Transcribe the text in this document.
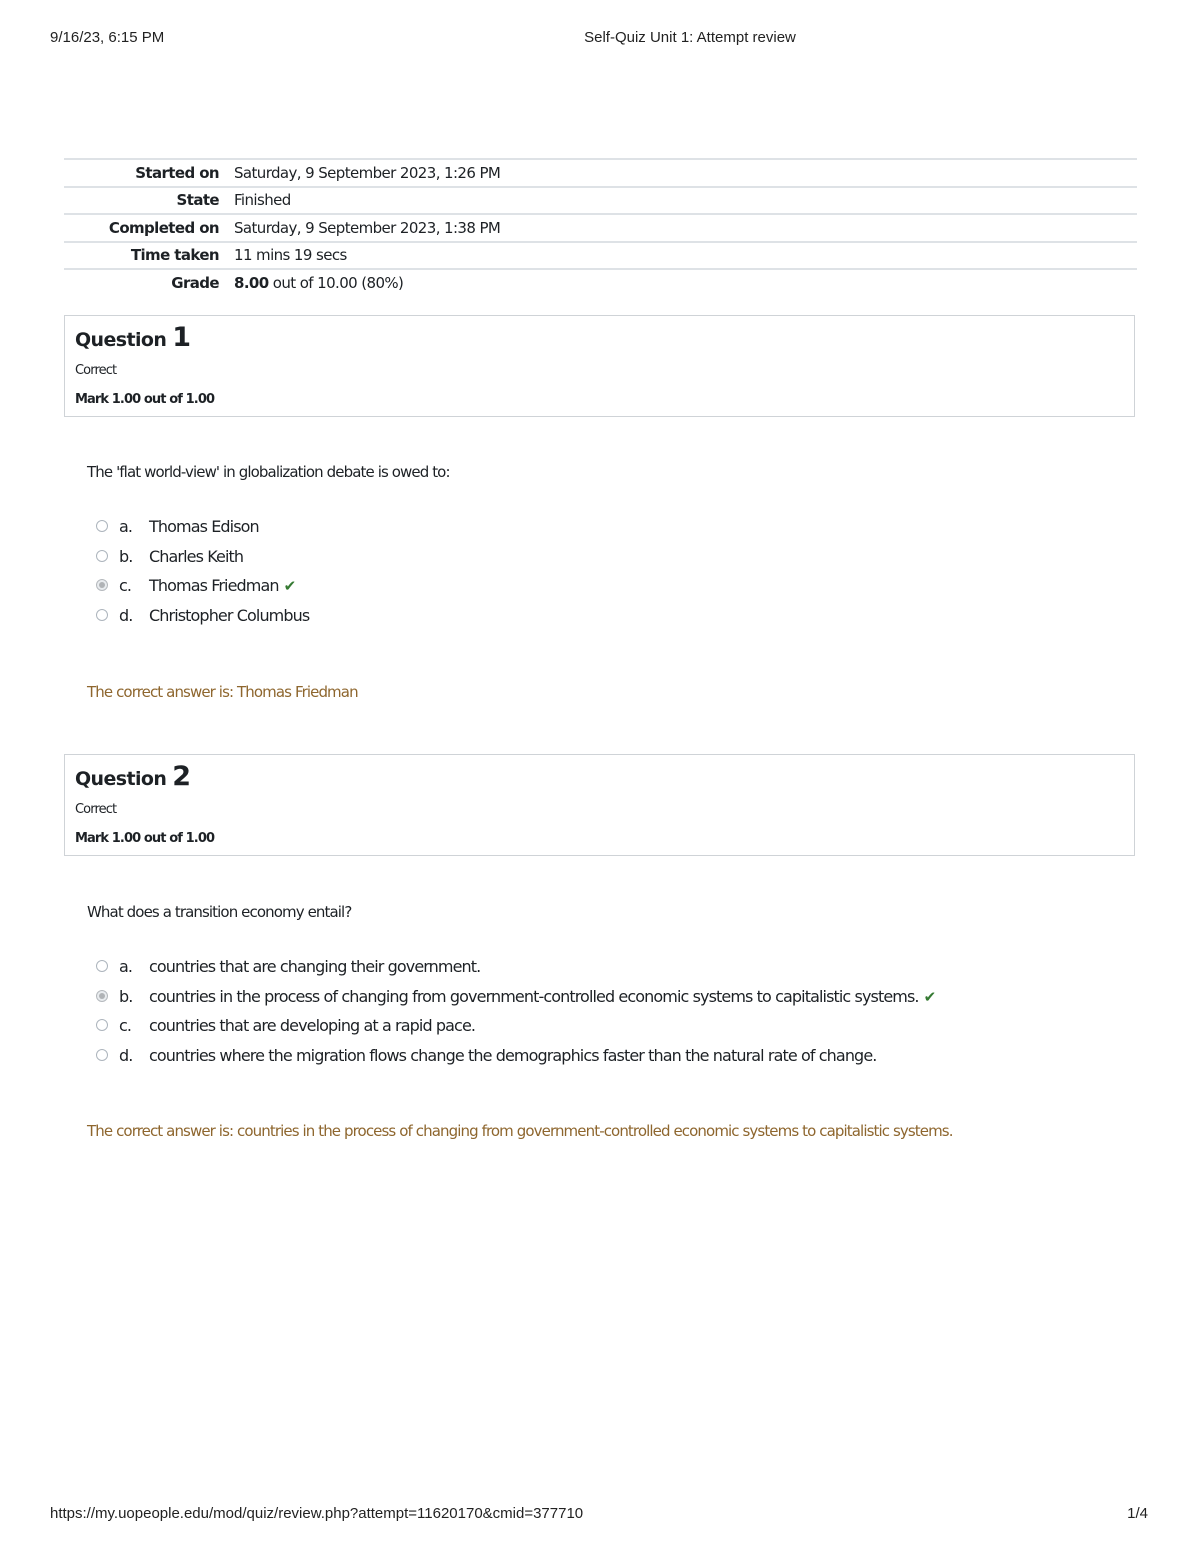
9/16/23, 6:15 PM	Self-Quiz Unit 1: Attempt review
Started on	Saturday, 9 September 2023, 1:26 PM
State	Finished
Completed on	Saturday, 9 September 2023, 1:38 PM
Time taken	11 mins 19 secs
Grade	8.00 out of 10.00 (80%)
Question 1
Correct
Mark 1.00 out of 1.00
The 'flat world-view' in globalization debate is owed to:
a. Thomas Edison
b. Charles Keith
c. Thomas Friedman ✔
d. Christopher Columbus
The correct answer is: Thomas Friedman
Question 2
Correct
Mark 1.00 out of 1.00
What does a transition economy entail?
a. countries that are changing their government.
b. countries in the process of changing from government-controlled economic systems to capitalistic systems. ✔
c. countries that are developing at a rapid pace.
d. countries where the migration flows change the demographics faster than the natural rate of change.
The correct answer is: countries in the process of changing from government-controlled economic systems to capitalistic systems.
https://my.uopeople.edu/mod/quiz/review.php?attempt=11620170&cmid=377710	1/4
